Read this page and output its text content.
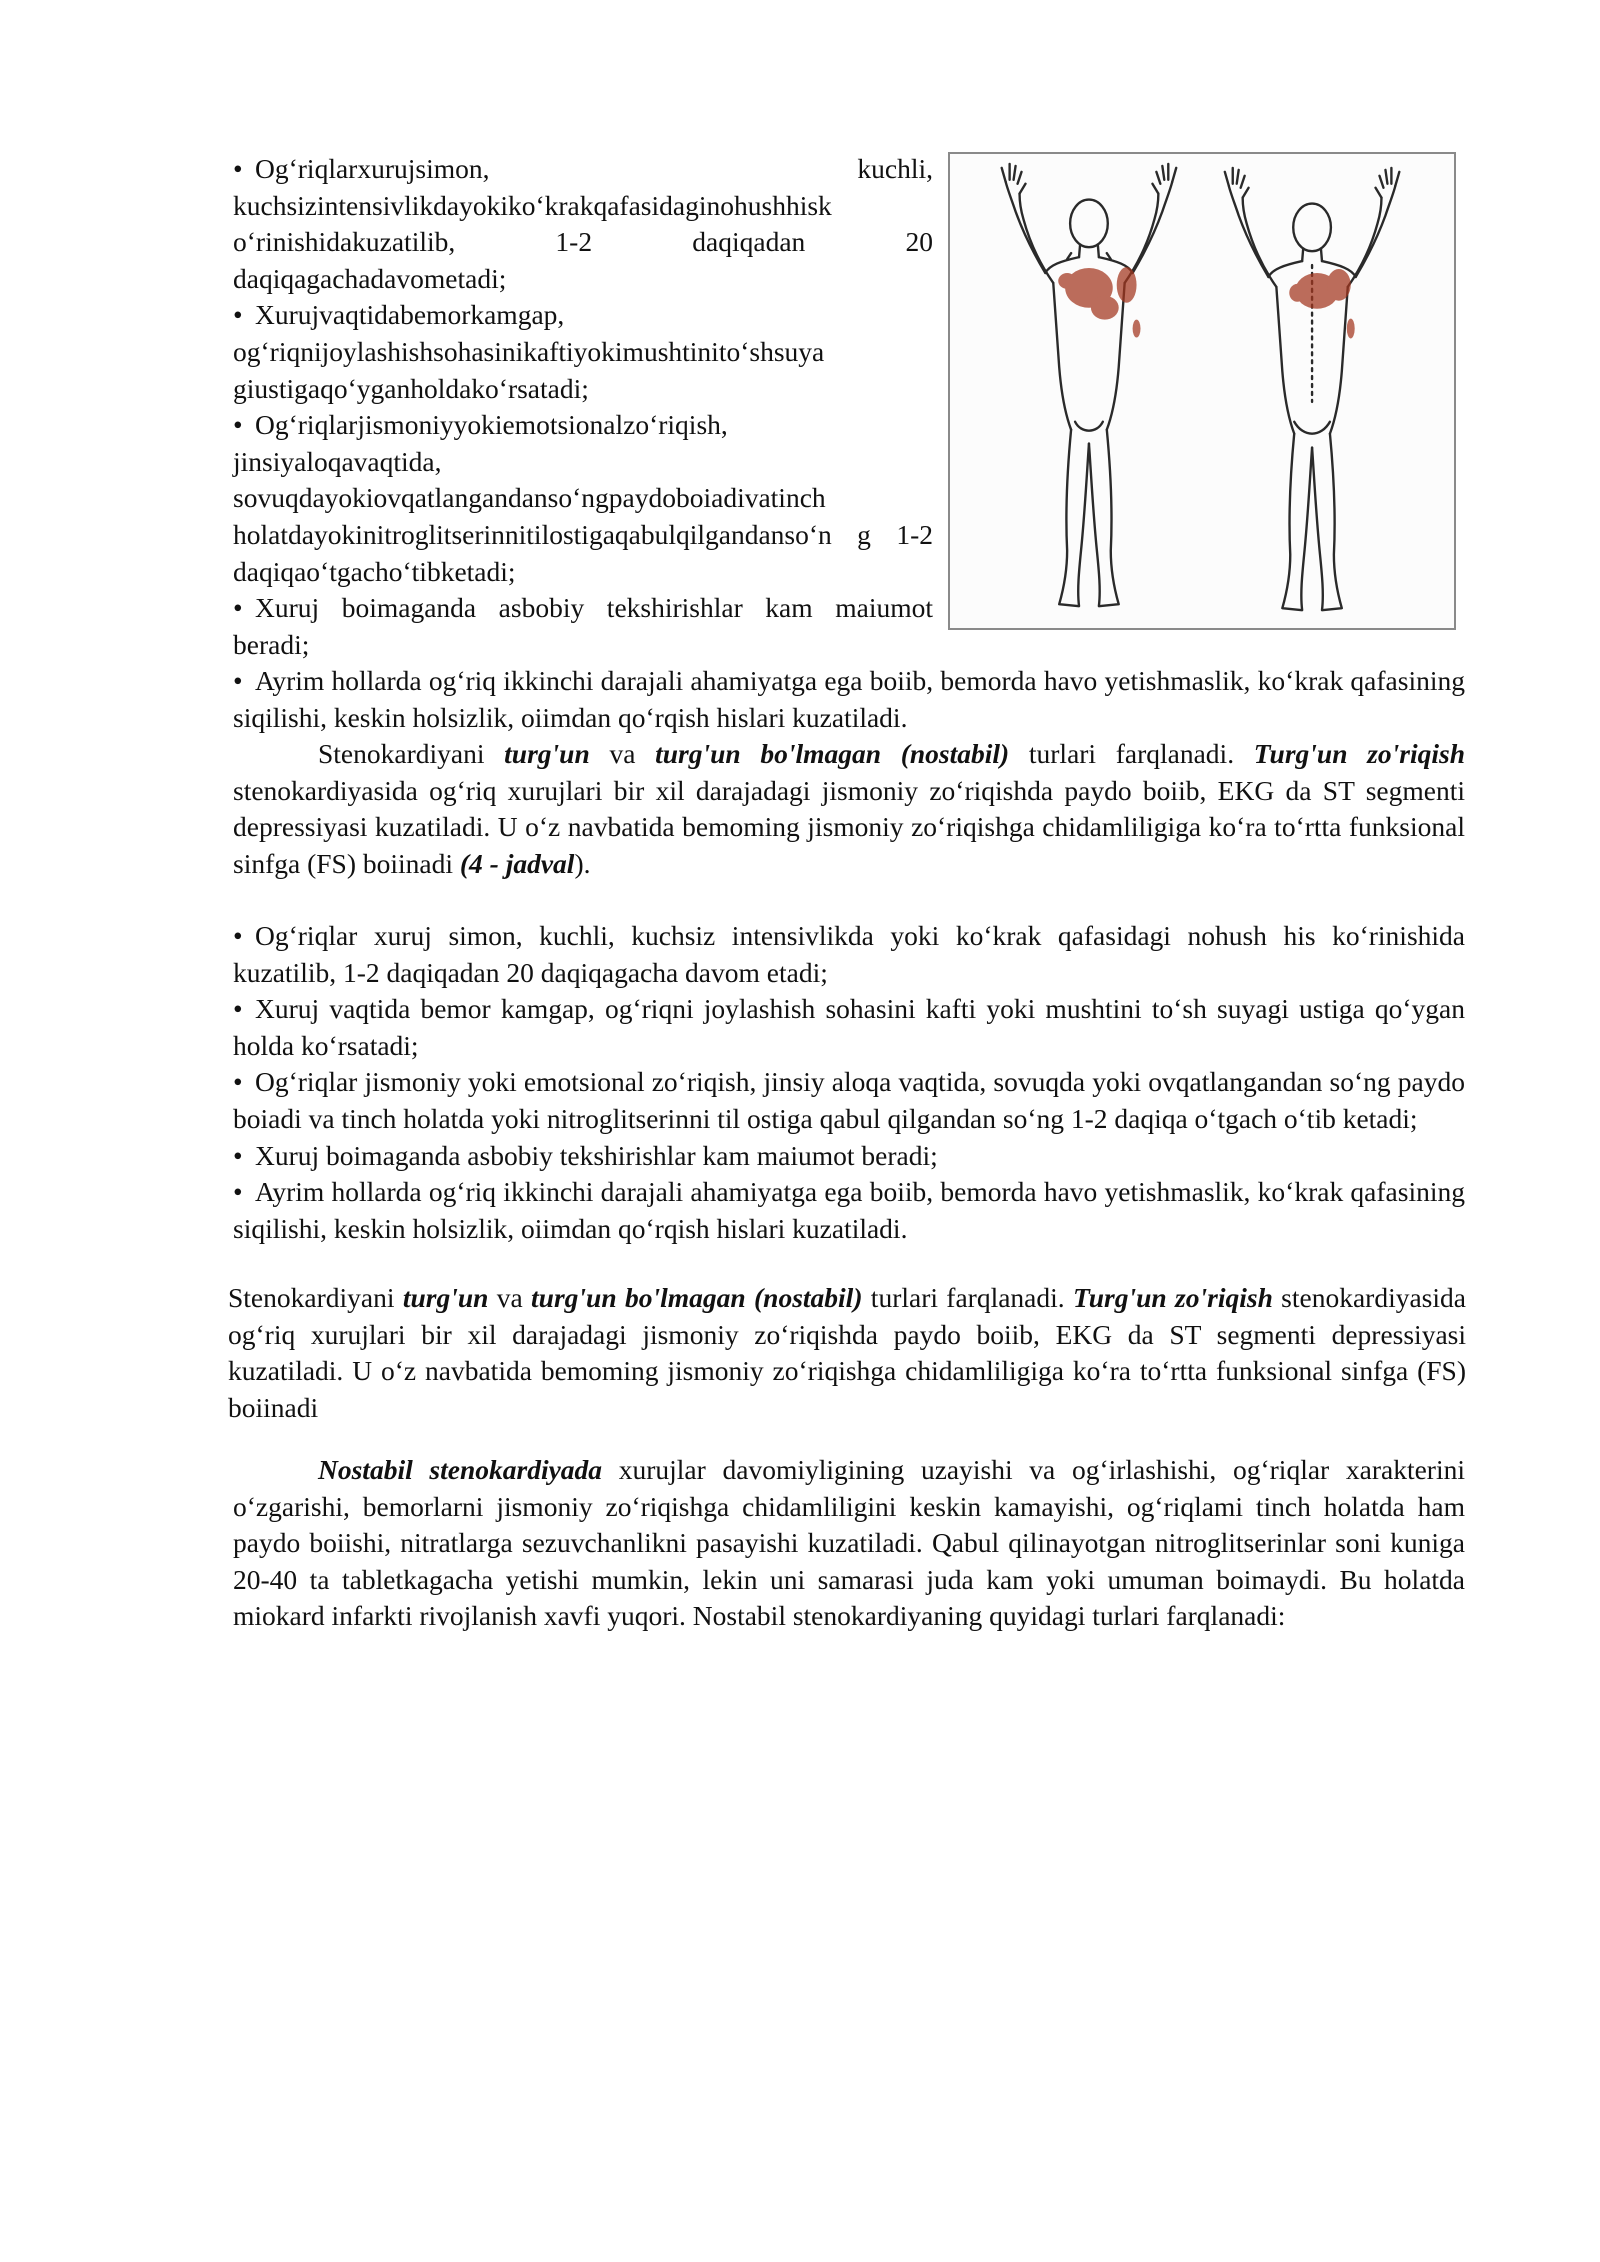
• Og‘riqlarxurujsimon, kuchli, kuchsizintensivlikdayokiko‘krakqafasidaginohushhisk o‘rinishidakuzatilib, 1-2 daqiqadan 20 daqiqagachadavometadi;

• Xurujvaqtidabemorkamgap, og‘riqnijoylashishsohasinikaftiyokimushtinito‘shsuya giustigaqo‘yganholdako‘rsatadi;

• Og‘riqlarjismoniyyokiemotsionalzo‘riqish, jinsiyaloqavaqtida, sovuqdayokiovqatlangandanso‘ngpaydoboiadivatinch holatdayokinitroglitserinnitilostigaqabulqilgandanso‘n g 1-2 daqiqao‘tgacho‘tibketadi;

• Xuruj boimaganda asbobiy tekshirishlar kam maiumot beradi;

• Ayrim hollarda og‘riq ikkinchi darajali ahamiyatga ega boiib, bemorda havo yetishmaslik, ko‘krak qafasining siqilishi, keskin holsizlik, oiimdan qo‘rqish hislari kuzatiladi.

Stenokardiyani turg'un va turg'un bo'lmagan (nostabil) turlari farqlanadi. Turg'un zo'riqish stenokardiyasida og‘riq xurujlari bir xil darajadagi jismoniy zo‘riqishda paydo boiib, EKG da ST segmenti depressiyasi kuzatiladi. U o‘z navbatida bemoming jismoniy zo‘riqishga chidamliligiga ko‘ra to‘rtta funksional sinfga (FS) boiinadi (4 - jadval).

• Og‘riqlar xuruj simon, kuchli, kuchsiz intensivlikda yoki ko‘krak qafasidagi nohush his ko‘rinishida kuzatilib, 1-2 daqiqadan 20 daqiqagacha davom etadi;

• Xuruj vaqtida bemor kamgap, og‘riqni joylashish sohasini kafti yoki mushtini to‘sh suyagi ustiga qo‘ygan holda ko‘rsatadi;

• Og‘riqlar jismoniy yoki emotsional zo‘riqish, jinsiy aloqa vaqtida, sovuqda yoki ovqatlangandan so‘ng paydo boiadi va tinch holatda yoki nitroglitserinni til ostiga qabul qilgandan so‘ng 1-2 daqiqa o‘tgach o‘tib ketadi;

• Xuruj boimaganda asbobiy tekshirishlar kam maiumot beradi;

• Ayrim hollarda og‘riq ikkinchi darajali ahamiyatga ega boiib, bemorda havo yetishmaslik, ko‘krak qafasining siqilishi, keskin holsizlik, oiimdan qo‘rqish hislari kuzatiladi.

Stenokardiyani turg'un va turg'un bo'lmagan (nostabil) turlari farqlanadi. Turg'un zo'riqish stenokardiyasida og‘riq xurujlari bir xil darajadagi jismoniy zo‘riqishda paydo boiib, EKG da ST segmenti depressiyasi kuzatiladi. U o‘z navbatida bemoming jismoniy zo‘riqishga chidamliligiga ko‘ra to‘rtta funksional sinfga (FS) boiinadi

Nostabil stenokardiyada xurujlar davomiyligining uzayishi va og‘irlashishi, og‘riqlar xarakterini o‘zgarishi, bemorlarni jismoniy zo‘riqishga chidamliligini keskin kamayishi, og‘riqlami tinch holatda ham paydo boiishi, nitratlarga sezuvchanlikni pasayishi kuzatiladi. Qabul qilinayotgan nitroglitserinlar soni kuniga 20-40 ta tabletkagacha yetishi mumkin, lekin uni samarasi juda kam yoki umuman boimaydi. Bu holatda miokard infarkti rivojlanish xavfi yuqori. Nostabil stenokardiyaning quyidagi turlari farqlanadi:
